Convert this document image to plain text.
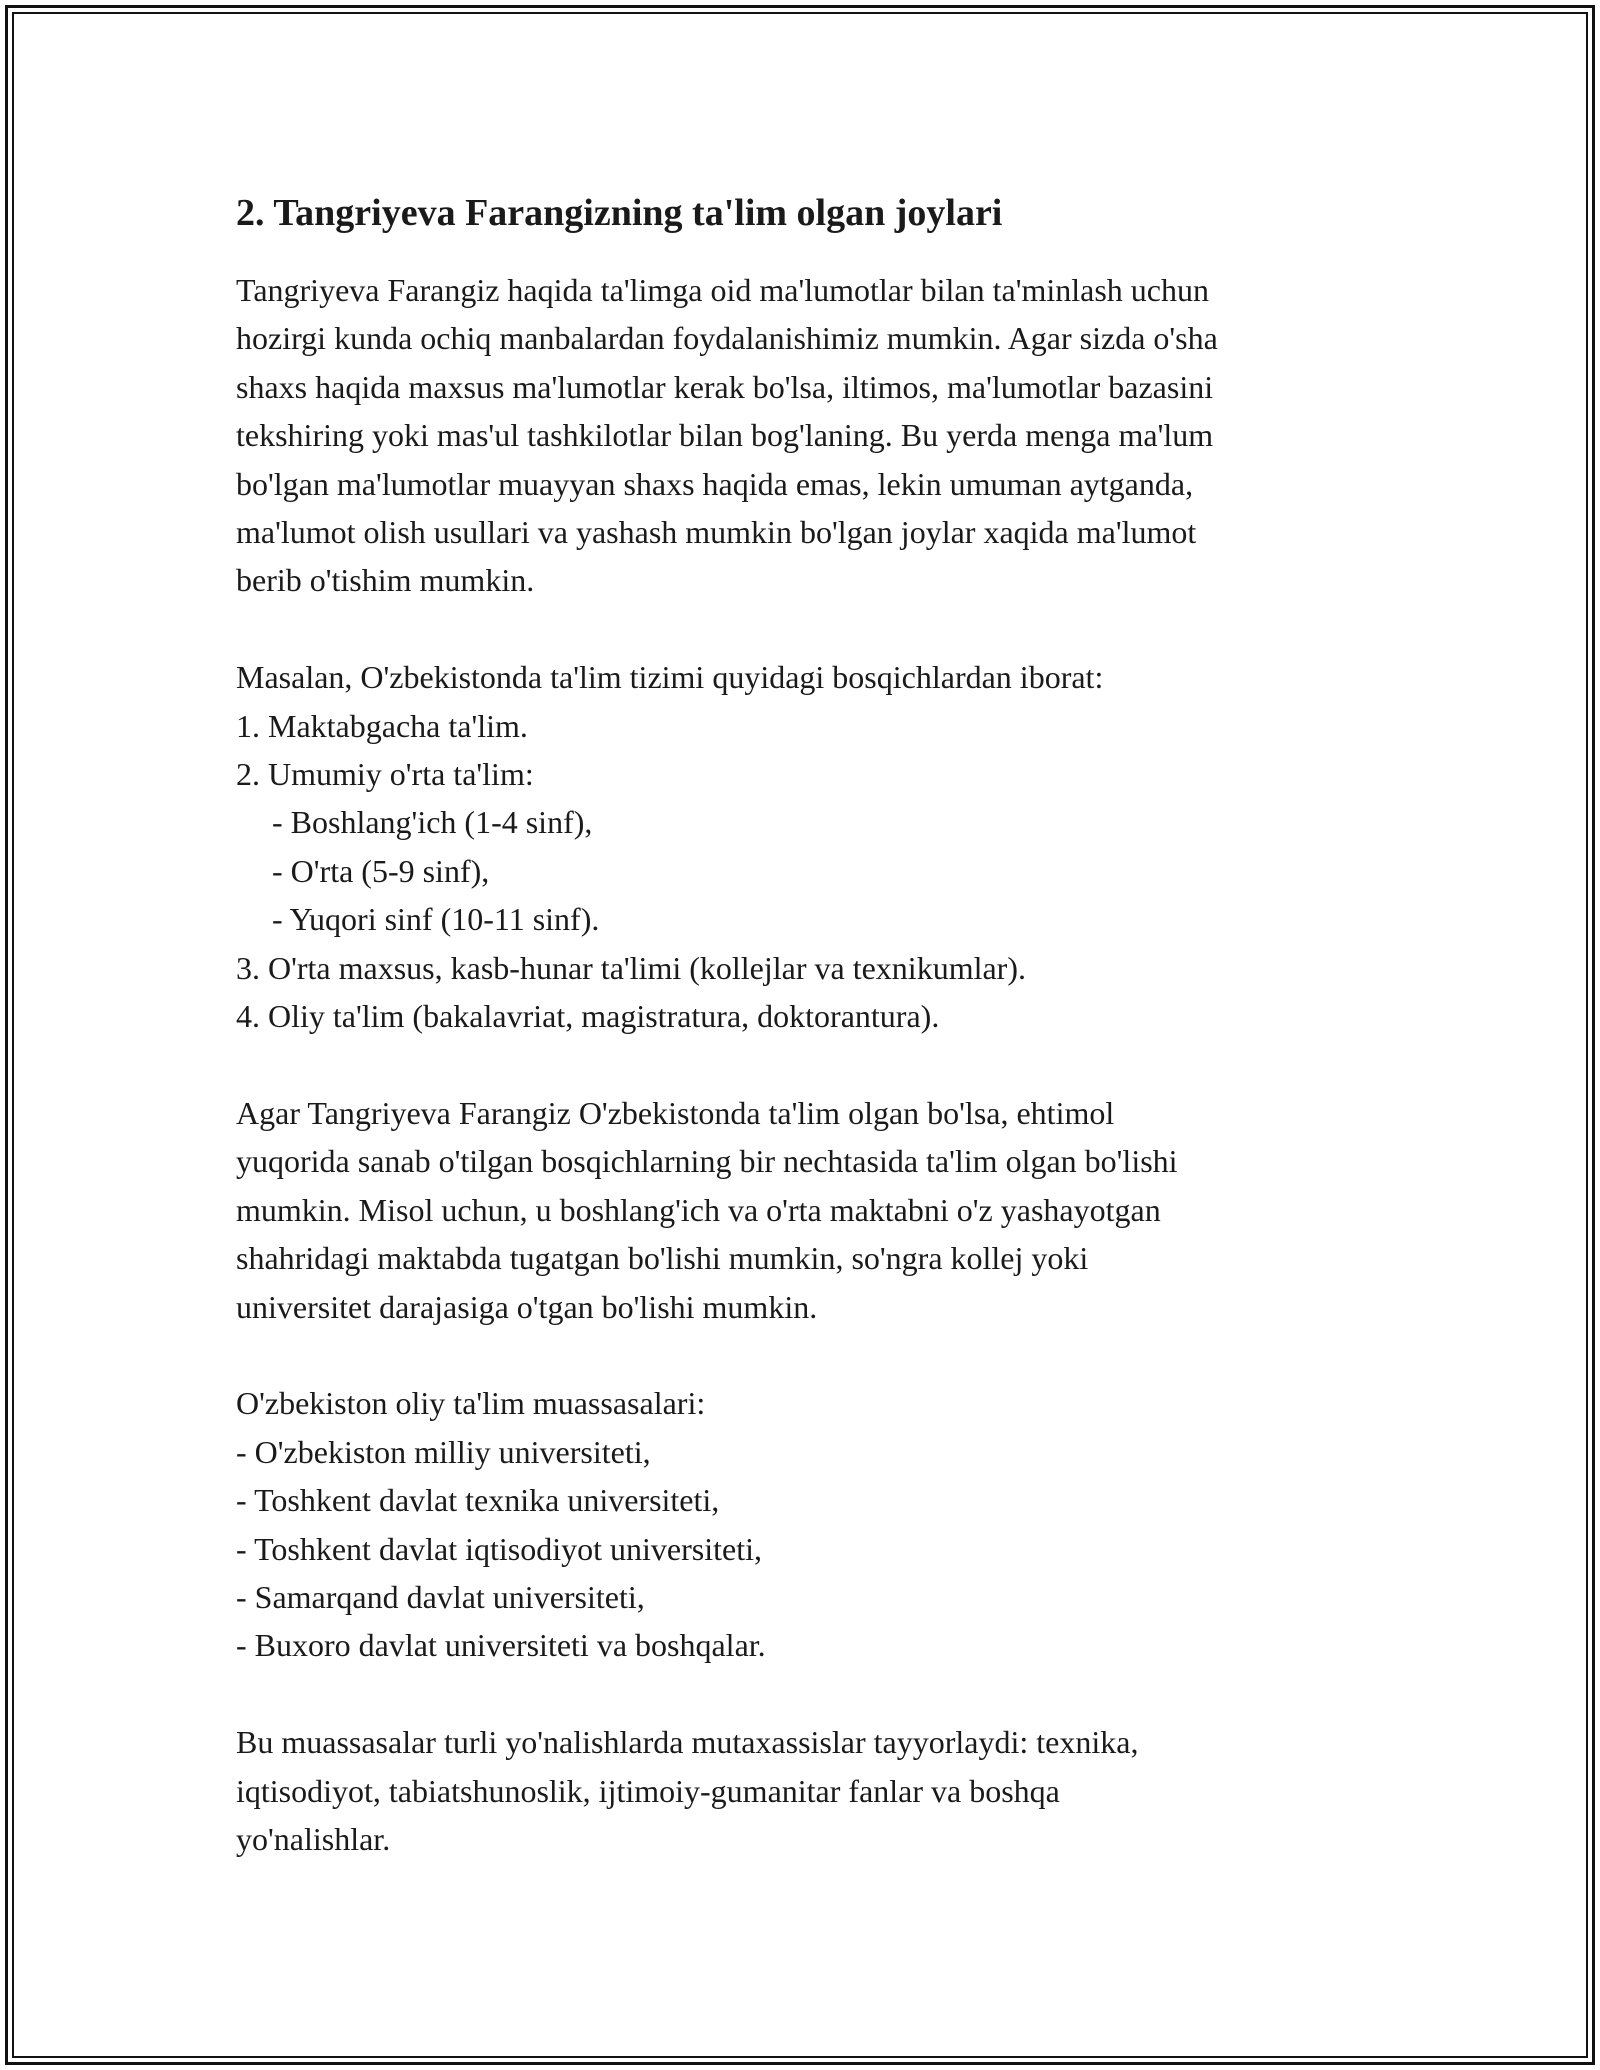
2. Tangriyeva Farangizning ta'lim olgan joylari

Tangriyeva Farangiz haqida ta'limga oid ma'lumotlar bilan ta'minlash uchun
hozirgi kunda ochiq manbalardan foydalanishimiz mumkin. Agar sizda o'sha
shaxs haqida maxsus ma'lumotlar kerak bo'lsa, iltimos, ma'lumotlar bazasini
tekshiring yoki mas'ul tashkilotlar bilan bog'laning. Bu yerda menga ma'lum
bo'lgan ma'lumotlar muayyan shaxs haqida emas, lekin umuman aytganda,
ma'lumot olish usullari va yashash mumkin bo'lgan joylar xaqida ma'lumot
berib o'tishim mumkin.

Masalan, O'zbekistonda ta'lim tizimi quyidagi bosqichlardan iborat:

1. Maktabgacha ta'lim.

2. Umumiy o'rta ta'lim:

- Boshlang'ich (1-4 sinf),

- O'rta (5-9 sinf),

- Yuqori sinf (10-11 sinf).

3. O'rta maxsus, kasb-hunar ta'limi (kollejlar va texnikumlar).

4. Oliy ta'lim (bakalavriat, magistratura, doktorantura).

Agar Tangriyeva Farangiz O'zbekistonda ta'lim olgan bo'lsa, ehtimol
yuqorida sanab o'tilgan bosqichlarning bir nechtasida ta'lim olgan bo'lishi
mumkin. Misol uchun, u boshlang'ich va o'rta maktabni o'z yashayotgan
shahridagi maktabda tugatgan bo'lishi mumkin, so'ngra kollej yoki
universitet darajasiga o'tgan bo'lishi mumkin.

O'zbekiston oliy ta'lim muassasalari:

- O'zbekiston milliy universiteti,

- Toshkent davlat texnika universiteti,

- Toshkent davlat iqtisodiyot universiteti,

- Samarqand davlat universiteti,

- Buxoro davlat universiteti va boshqalar.

Bu muassasalar turli yo'nalishlarda mutaxassislar tayyorlaydi: texnika,
iqtisodiyot, tabiatshunoslik, ijtimoiy-gumanitar fanlar va boshqa
yo'nalishlar.
